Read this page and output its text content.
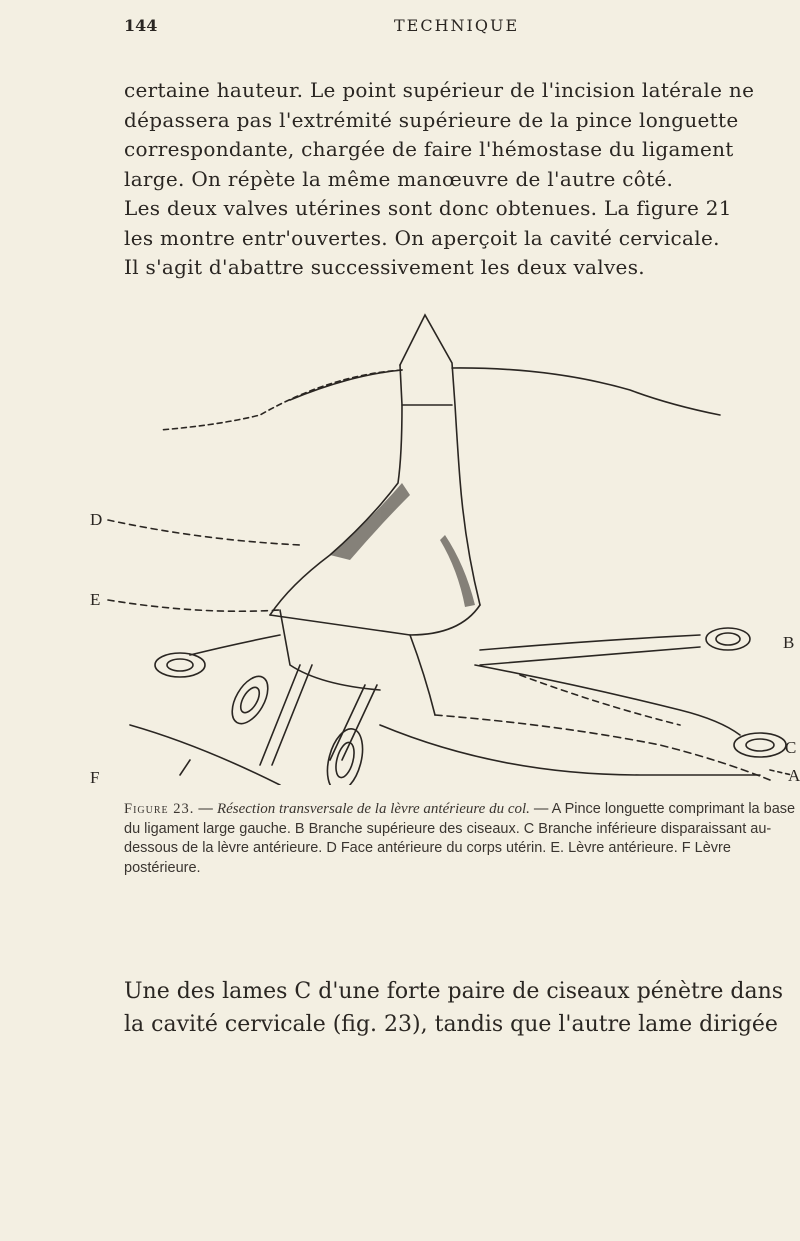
144	TECHNIQUE

certaine hauteur. Le point supérieur de l'incision latérale ne

dépassera pas l'extrémité supérieure de la pince longuette

correspondante, chargée de faire l'hémostase du ligament

large. On répète la même manœuvre de l'autre côté.

Les deux valves utérines sont donc obtenues. La figure 21

les montre entr'ouvertes. On aperçoit la cavité cervicale.

Il s'agit d'abattre successivement les deux valves.

D
E
F
B
C
A
Figure 23. — Résection transversale de la lèvre antérieure du col. — A Pince longuette comprimant la base du ligament large gauche. B Branche supérieure des ciseaux. C Branche inférieure disparaissant au-dessous de la lèvre antérieure. D Face antérieure du corps utérin. E. Lèvre antérieure. F Lèvre postérieure.

Une des lames C d'une forte paire de ciseaux pénètre dans

la cavité cervicale (fig. 23), tandis que l'autre lame dirigée
